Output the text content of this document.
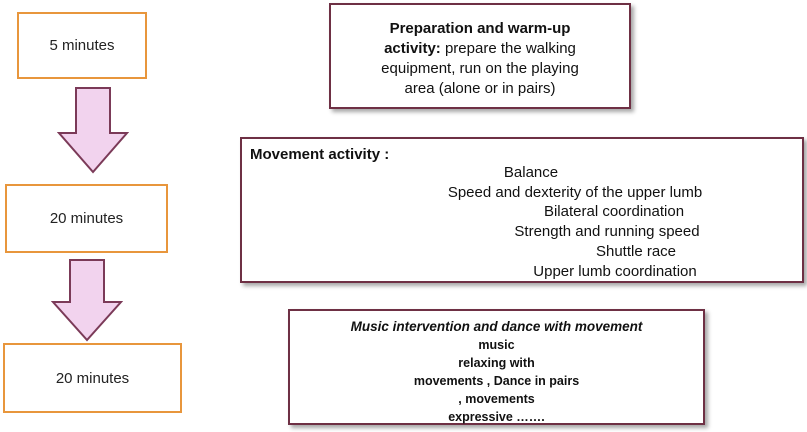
5 minutes
20 minutes
20 minutes
Preparation and warm-up
activity: prepare the walking
equipment, run on the playing
area (alone or in pairs)
Movement activity :
Balance
Speed and dexterity of the upper lumb
Bilateral coordination
Strength and running speed
Shuttle race
Upper lumb coordination
Music intervention and dance with movement
music
relaxing with
movements , Dance in pairs
, movements
expressive …….
